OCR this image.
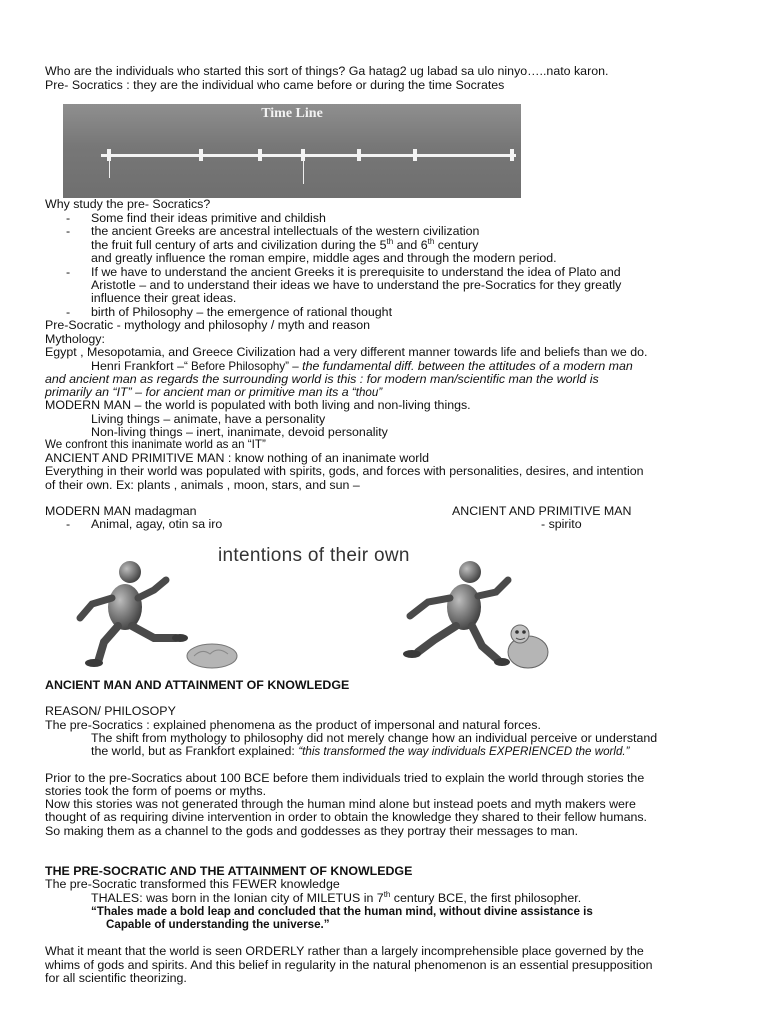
Who are the individuals who started this sort of things? Ga hatag2 ug labad sa ulo ninyo…..nato karon.
Pre- Socratics : they are the individual who came before or during the time Socrates
Time Line
Why study the pre- Socratics?
- Some find their ideas primitive and childish
- the ancient Greeks are ancestral intellectuals of the western civilization
the fruit full century of arts and civilization during the 5th and 6th century
and greatly influence the roman empire, middle ages and through the modern period.
- If we have to understand the ancient Greeks it is prerequisite to understand the idea of Plato and
Aristotle – and to understand their ideas we have to understand the pre-Socratics for they greatly
influence their great ideas.
- birth of Philosophy – the emergence of rational thought
Pre-Socratic - mythology and philosophy / myth and reason
Mythology:
Egypt , Mesopotamia, and Greece Civilization had a very different manner towards life and beliefs than we do.
Henri Frankfort –“ Before Philosophy” – the fundamental diff. between the attitudes of a modern man
and ancient man as regards the surrounding world is this : for modern man/scientific man the world is
primarily an “IT” – for ancient man or primitive man its a “thou”
MODERN MAN – the world is populated with both living and non-living things.
Living things – animate, have a personality
Non-living things – inert, inanimate, devoid personality
We confront this inanimate world as an “IT”
ANCIENT AND PRIMITIVE MAN : know nothing of an inanimate world
Everything in their world was populated with spirits, gods, and forces with personalities, desires, and intention
of their own. Ex: plants , animals , moon, stars, and sun –
MODERN MAN madagman	ANCIENT AND PRIMITIVE MAN
- Animal, agay, otin sa iro	- spirito
intentions of their own
ANCIENT MAN AND ATTAINMENT OF KNOWLEDGE
REASON/ PHILOSOPY
The pre-Socratics : explained phenomena as the product of impersonal and natural forces.
The shift from mythology to philosophy did not merely change how an individual perceive or understand
the world, but as Frankfort explained: “this transformed the way individuals EXPERIENCED the world.”
Prior to the pre-Socratics about 100 BCE before them individuals tried to explain the world through stories the
stories took the form of poems or myths.
Now this stories was not generated through the human mind alone but instead poets and myth makers were
thought of as requiring divine intervention in order to obtain the knowledge they shared to their fellow humans.
So making them as a channel to the gods and goddesses as they portray their messages to man.
THE PRE-SOCRATIC AND THE ATTAINMENT OF KNOWLEDGE
The pre-Socratic transformed this FEWER knowledge
THALES: was born in the Ionian city of MILETUS in 7th century BCE, the first philosopher.
“Thales made a bold leap and concluded that the human mind, without divine assistance is
Capable of understanding the universe.”
What it meant that the world is seen ORDERLY rather than a largely incomprehensible place governed by the
whims of gods and spirits. And this belief in regularity in the natural phenomenon is an essential presupposition
for all scientific theorizing.
